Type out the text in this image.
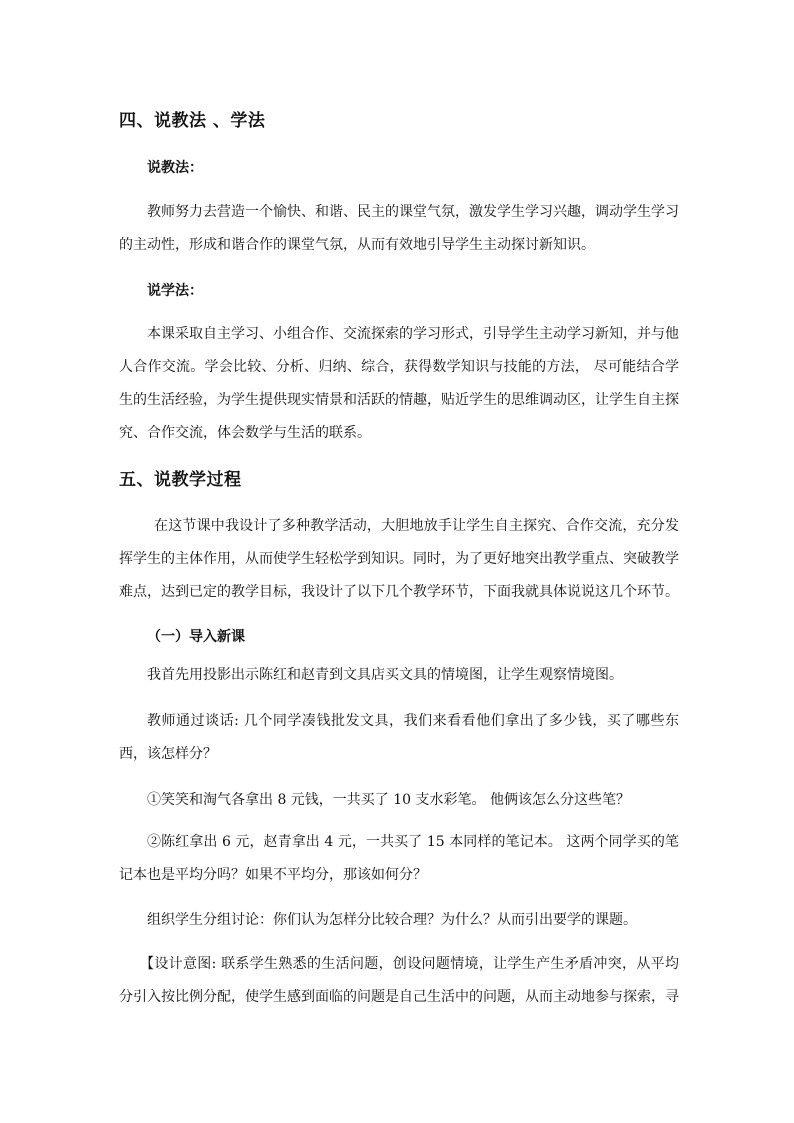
四、说教法 、学法
说教法：
教师努力去营造一个愉快、和谐、民主的课堂气氛，激发学生学习兴趣，调动学生学习的主动性，形成和谐合作的课堂气氛，从而有效地引导学生主动探讨新知识。
说学法：
本课采取自主学习、小组合作、交流探索的学习形式，引导学生主动学习新知，并与他人合作交流。学会比较、分析、归纳、综合，获得数学知识与技能的方法， 尽可能结合学生的生活经验，为学生提供现实情景和活跃的情趣，贴近学生的思维调动区，让学生自主探究、合作交流，体会数学与生活的联系。
五、说教学过程
在这节课中我设计了多种教学活动，大胆地放手让学生自主探究、合作交流，充分发挥学生的主体作用，从而使学生轻松学到知识。同时，为了更好地突出教学重点、突破教学难点，达到已定的教学目标，我设计了以下几个教学环节，下面我就具体说说这几个环节。
（一）导入新课
我首先用投影出示陈红和赵青到文具店买文具的情境图，让学生观察情境图。
教师通过谈话: 几个同学凑钱批发文具，我们来看看他们拿出了多少钱，买了哪些东西，该怎样分？
①笑笑和淘气各拿出 8 元钱，一共买了 10 支水彩笔。 他俩该怎么分这些笔？
②陈红拿出 6 元，赵青拿出 4 元，一共买了 15 本同样的笔记本。 这两个同学买的笔记本也是平均分吗？如果不平均分，那该如何分？
组织学生分组讨论：你们认为怎样分比较合理？为什么？从而引出要学的课题。
【设计意图: 联系学生熟悉的生活问题，创设问题情境，让学生产生矛盾冲突，从平均分引入按比例分配，使学生感到面临的问题是自己生活中的问题，从而主动地参与探索，寻
